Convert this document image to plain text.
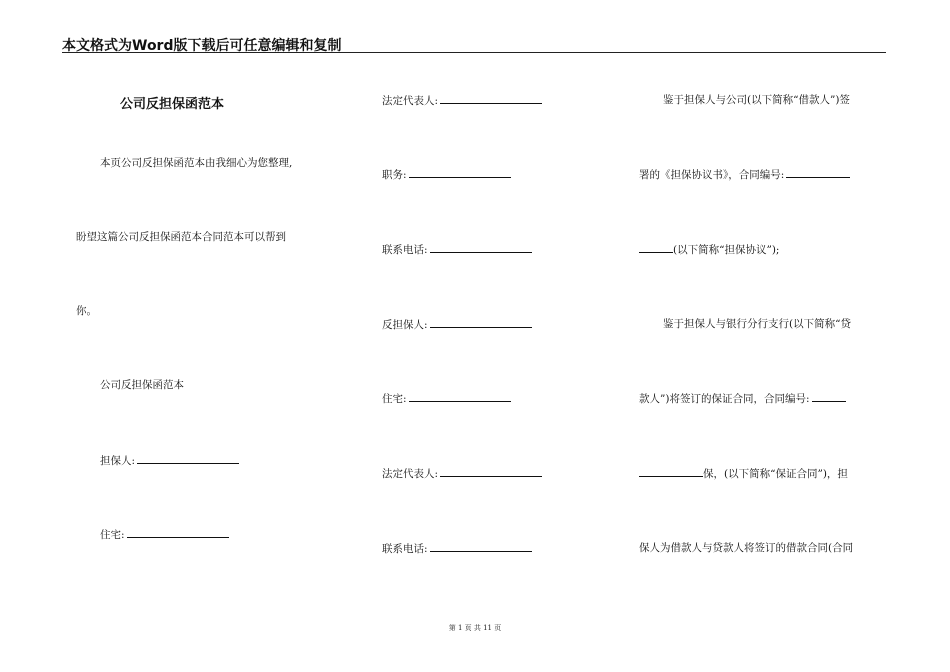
本文格式为Word版下载后可任意编辑和复制
公司反担保函范本
本页公司反担保函范本由我细心为您整理,
盼望这篇公司反担保函范本合同范本可以帮到
你。
公司反担保函范本
担保人:
住宅:
法定代表人:
职务:
联系电话:
反担保人:
住宅:
法定代表人:
联系电话:
鉴于担保人与公司(以下简称“借款人”)签
署的《担保协议书》，合同编号:
(以下简称“担保协议”);
鉴于担保人与银行分行支行(以下简称“贷
款人”)将签订的保证合同，合同编号:
保，(以下简称“保证合同”)，担
保人为借款人与贷款人将签订的借款合同(合同
第 1 页 共 11 页
